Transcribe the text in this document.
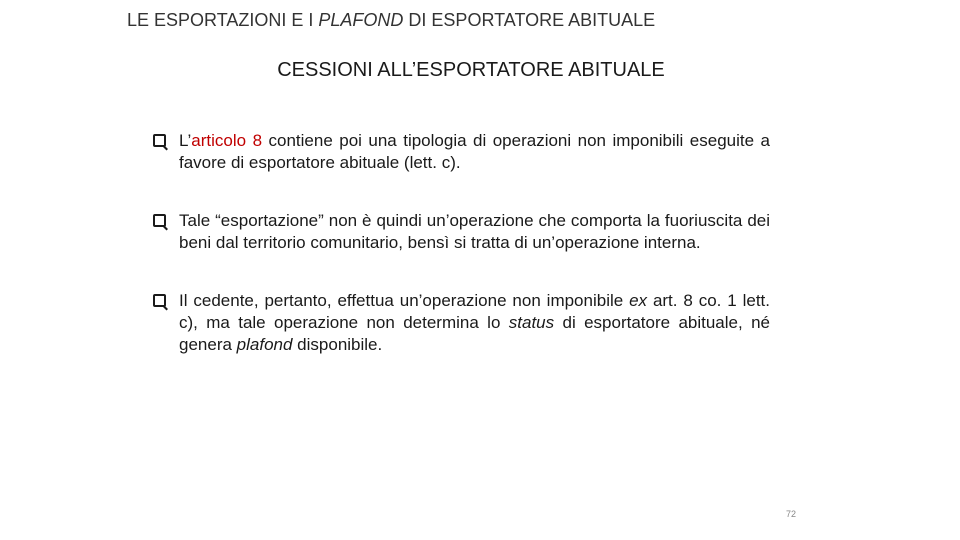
LE ESPORTAZIONI E I PLAFOND DI ESPORTATORE ABITUALE
CESSIONI ALL’ESPORTATORE ABITUALE
L’articolo 8 contiene poi una tipologia di operazioni non imponibili eseguite a favore di esportatore abituale (lett. c).
Tale “esportazione” non è quindi un’operazione che comporta la fuoriuscita dei beni dal territorio comunitario, bensì si tratta di un’operazione interna.
Il cedente, pertanto, effettua un’operazione non imponibile ex art. 8 co. 1 lett. c), ma tale operazione non determina lo status di esportatore abituale, né genera plafond disponibile.
72
